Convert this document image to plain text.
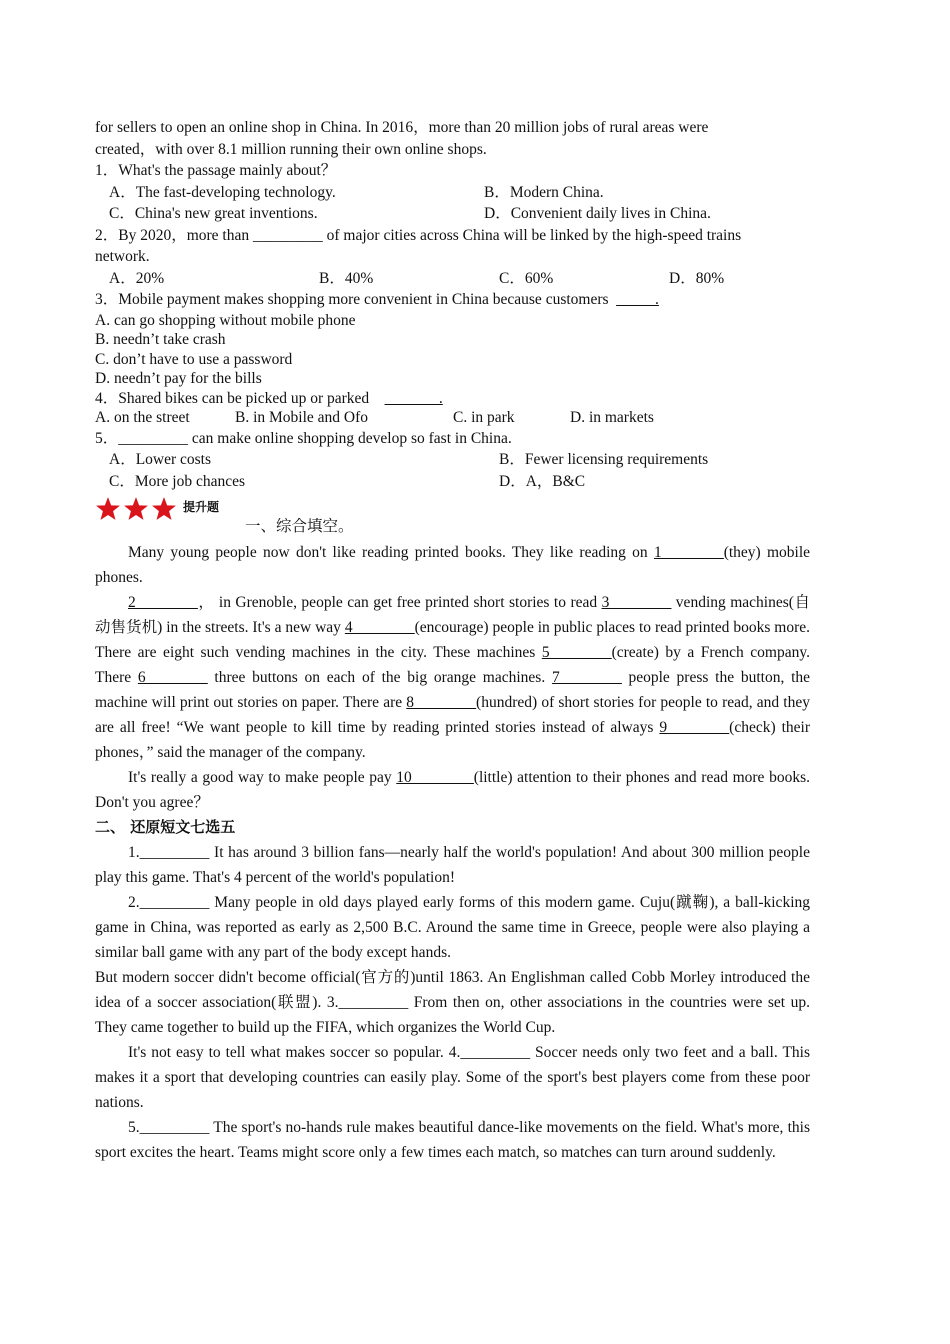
for sellers to open an online shop in China. In 2016，more than 20 million jobs of rural areas were
created，with over 8.1 million running their own online shops.
1．What's the passage mainly about？
A．The fast-developing technology.	B．Modern China.
C．China's new great inventions.	D．Convenient daily lives in China.
2．By 2020，more than _________ of major cities across China will be linked by the high-speed trains
network.
A．20%	B．40%	C．60%	D．80%
3．Mobile payment makes shopping more convenient in China because customers _____.
A. can go shopping without mobile phone
B. needn’t take crash
C. don’t have to use a password
D. needn’t pay for the bills
4．Shared bikes can be picked up or parked _______.
A. on the street	B. in Mobile and Ofo	C. in park	D. in markets
5．_________ can make online shopping develop so fast in China.
A．Lower costs	B．Fewer licensing requirements
C．More job chances	D．A，B&C
提升题
一、综合填空。

Many young people now don't like reading printed books. They like reading on 1________(they) mobile phones.

2________， in Grenoble, people can get free printed short stories to read 3________ vending machines(自动售货机) in the streets. It's a new way 4________(encourage) people in public places to read printed books more. There are eight such vending machines in the city. These machines 5________(create) by a French company. There 6________ three buttons on each of the big orange machines. 7________ people press the button, the machine will print out stories on paper. There are 8________(hundred) of short stories for people to read, and they are all free! “We want people to kill time by reading printed stories instead of always 9________(check) their phones，” said the manager of the company.

It's really a good way to make people pay 10________(little) attention to their phones and read more books. Don't you agree？

二、 还原短文七选五

1._________ It has around 3 billion fans—nearly half the world's population! And about 300 million people play this game. That's 4 percent of the world's population!

2._________ Many people in old days played early forms of this modern game. Cuju(蹴鞠), a ball-kicking game in China, was reported as early as 2,500 B.C. Around the same time in Greece, people were also playing a similar ball game with any part of the body except hands.

But modern soccer didn't become official(官方的)until 1863. An Englishman called Cobb Morley introduced the idea of a soccer association(联盟). 3._________ From then on, other associations in the countries were set up. They came together to build up the FIFA, which organizes the World Cup.

It's not easy to tell what makes soccer so popular. 4._________ Soccer needs only two feet and a ball. This makes it a sport that developing countries can easily play. Some of the sport's best players come from these poor nations.

5._________ The sport's no-hands rule makes beautiful dance-like movements on the field. What's more, this sport excites the heart. Teams might score only a few times each match, so matches can turn around suddenly.
